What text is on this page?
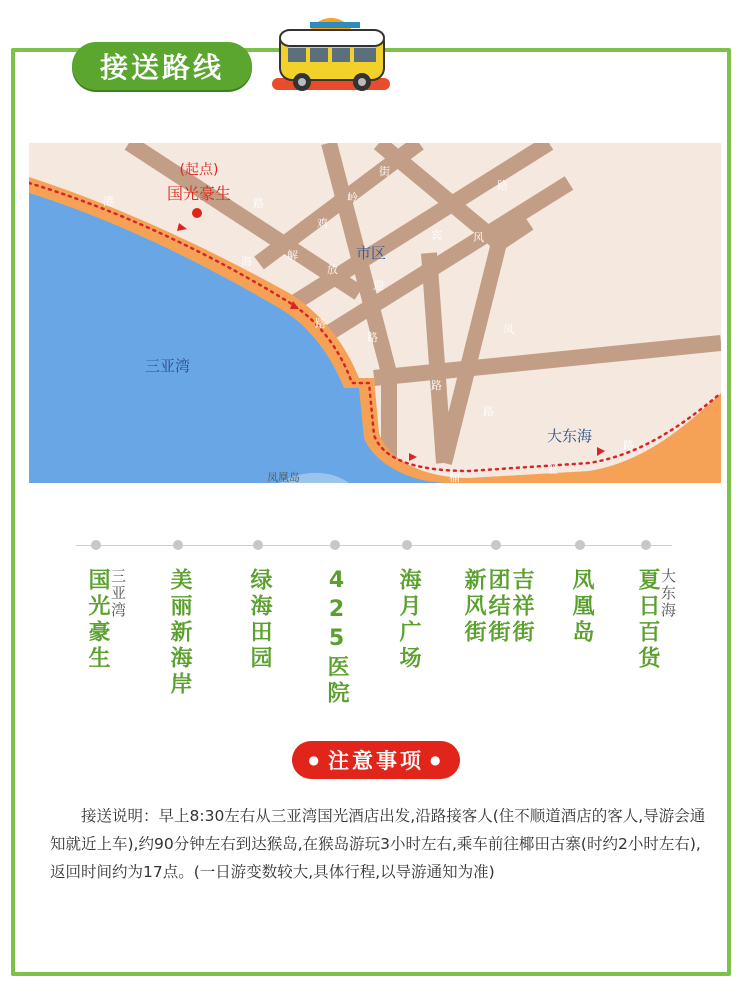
接送路线
(起点)
国光豪生
市区
三亚湾
大东海
凤凰岛
港
海
路
路
街
岭
鸡
解
放
迎
宾	风
路
凤
路
路
路
榆
亚
路
国光豪生 三亚湾 美丽新海岸	绿海田园 425医院 海月广场 新风街 团结街 吉祥街 凤凰岛 夏日百货 大东海
● 注意事项 ●
接送说明：早上8:30左右从三亚湾国光酒店出发,沿路接客人(住不顺道酒店的客人,导游会通知就近上车),约90分钟左右到达猴岛,在猴岛游玩3小时左右,乘车前往椰田古寨(时约2小时左右),返回时间约为17点。(一日游变数较大,具体行程,以导游通知为准)
